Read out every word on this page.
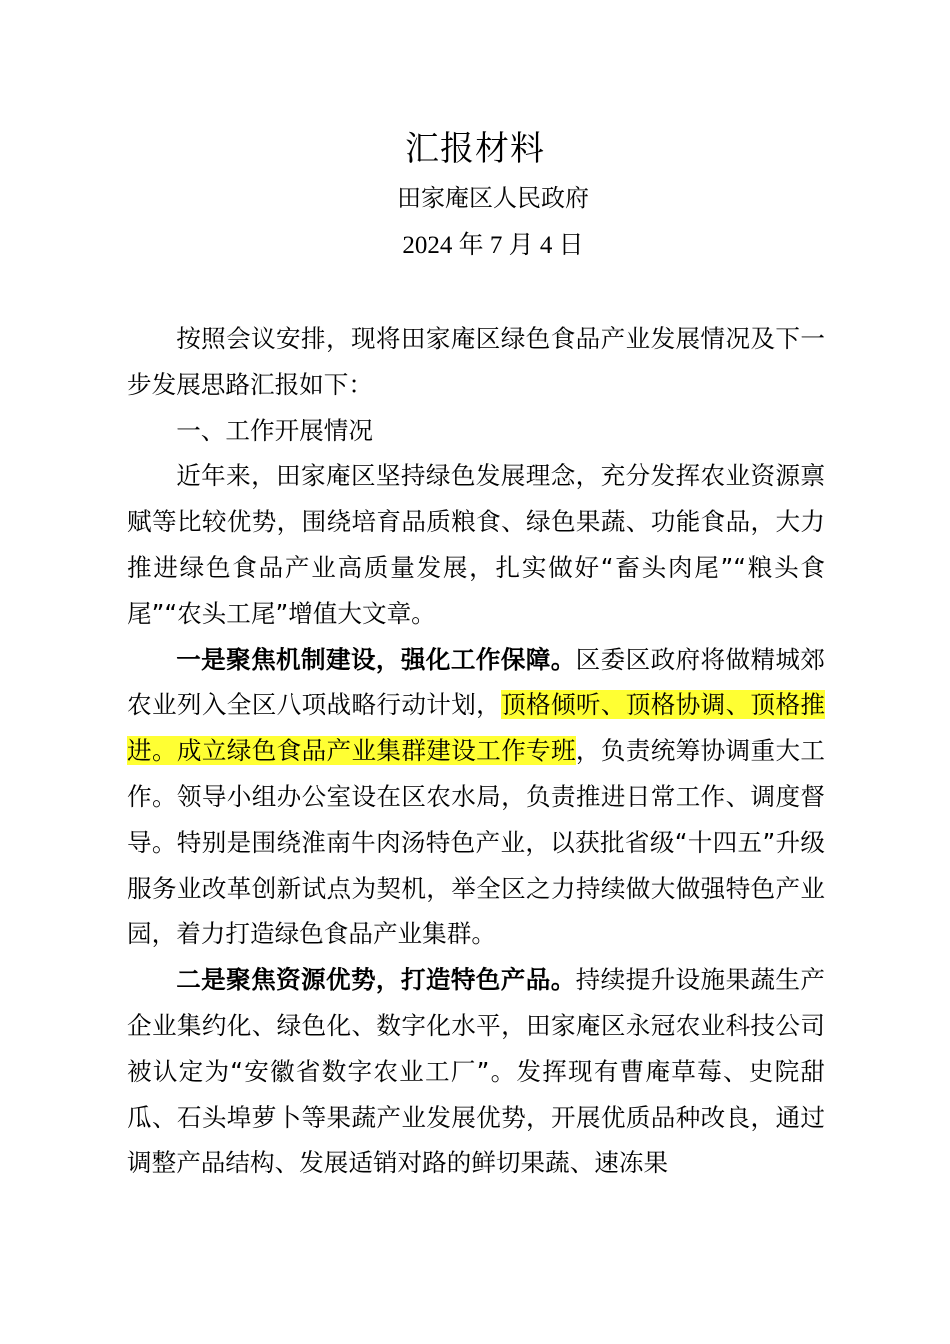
汇报材料
田家庵区人民政府
2024 年 7 月 4 日

按照会议安排，现将田家庵区绿色食品产业发展情况及下一步发展思路汇报如下：

一、工作开展情况

近年来，田家庵区坚持绿色发展理念，充分发挥农业资源禀赋等比较优势，围绕培育品质粮食、绿色果蔬、功能食品，大力推进绿色食品产业高质量发展，扎实做好“畜头肉尾”“粮头食尾”“农头工尾”增值大文章。

一是聚焦机制建设，强化工作保障。区委区政府将做精城郊农业列入全区八项战略行动计划，顶格倾听、顶格协调、顶格推进。成立绿色食品产业集群建设工作专班，负责统筹协调重大工作。领导小组办公室设在区农水局，负责推进日常工作、调度督导。特别是围绕淮南牛肉汤特色产业，以获批省级“十四五”升级服务业改革创新试点为契机，举全区之力持续做大做强特色产业园，着力打造绿色食品产业集群。

二是聚焦资源优势，打造特色产品。持续提升设施果蔬生产企业集约化、绿色化、数字化水平，田家庵区永冠农业科技公司被认定为“安徽省数字农业工厂”。发挥现有曹庵草莓、史院甜瓜、石头埠萝卜等果蔬产业发展优势，开展优质品种改良，通过调整产品结构、发展适销对路的鲜切果蔬、速冻果
